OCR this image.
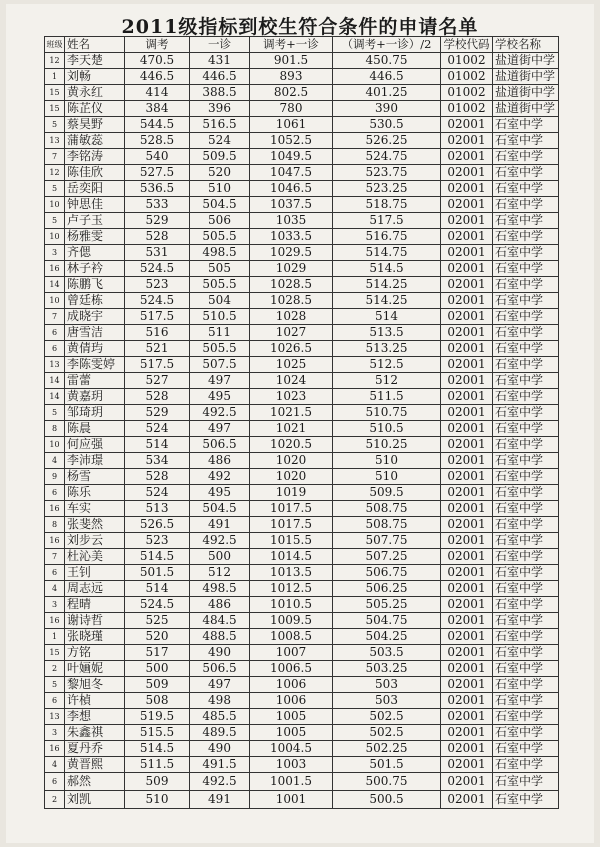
2011级指标到校生符合条件的申请名单
班级	姓名	调考	一诊	调考+一诊	（调考+一诊）/2	学校代码	学校名称
12	李天楚	470.5	431	901.5	450.75	01002	盐道街中学
1	刘畅	446.5	446.5	893	446.5	01002	盐道街中学
15	黄永红	414	388.5	802.5	401.25	01002	盐道街中学
15	陈芷仪	384	396	780	390	01002	盐道街中学
5	蔡昊野	544.5	516.5	1061	530.5	02001	石室中学
13	蒲敏蕊	528.5	524	1052.5	526.25	02001	石室中学
7	李铭涛	540	509.5	1049.5	524.75	02001	石室中学
12	陈佳欣	527.5	520	1047.5	523.75	02001	石室中学
5	岳奕阳	536.5	510	1046.5	523.25	02001	石室中学
10	钟思佳	533	504.5	1037.5	518.75	02001	石室中学
5	卢子玉	529	506	1035	517.5	02001	石室中学
10	杨雅雯	528	505.5	1033.5	516.75	02001	石室中学
3	齐偲	531	498.5	1029.5	514.75	02001	石室中学
16	林子衿	524.5	505	1029	514.5	02001	石室中学
14	陈鹏飞	523	505.5	1028.5	514.25	02001	石室中学
10	曾廷栋	524.5	504	1028.5	514.25	02001	石室中学
7	成晓宇	517.5	510.5	1028	514	02001	石室中学
6	唐雪洁	516	511	1027	513.5	02001	石室中学
6	黄倩玙	521	505.5	1026.5	513.25	02001	石室中学
13	李陈雯婷	517.5	507.5	1025	512.5	02001	石室中学
14	雷蕾	527	497	1024	512	02001	石室中学
14	黄嘉玥	528	495	1023	511.5	02001	石室中学
5	邹琦玥	529	492.5	1021.5	510.75	02001	石室中学
8	陈晨	524	497	1021	510.5	02001	石室中学
10	何应强	514	506.5	1020.5	510.25	02001	石室中学
4	李沛璟	534	486	1020	510	02001	石室中学
9	杨雪	528	492	1020	510	02001	石室中学
6	陈乐	524	495	1019	509.5	02001	石室中学
16	车实	513	504.5	1017.5	508.75	02001	石室中学
8	张斐然	526.5	491	1017.5	508.75	02001	石室中学
16	刘步云	523	492.5	1015.5	507.75	02001	石室中学
7	杜沁美	514.5	500	1014.5	507.25	02001	石室中学
6	王钊	501.5	512	1013.5	506.75	02001	石室中学
4	周志远	514	498.5	1012.5	506.25	02001	石室中学
3	程晴	524.5	486	1010.5	505.25	02001	石室中学
16	谢诗哲	525	484.5	1009.5	504.75	02001	石室中学
1	张晓瑾	520	488.5	1008.5	504.25	02001	石室中学
15	方铭	517	490	1007	503.5	02001	石室中学
2	叶婳妮	500	506.5	1006.5	503.25	02001	石室中学
5	黎旭冬	509	497	1006	503	02001	石室中学
6	许楨	508	498	1006	503	02001	石室中学
13	李想	519.5	485.5	1005	502.5	02001	石室中学
3	朱鑫祺	515.5	489.5	1005	502.5	02001	石室中学
16	夏丹乔	514.5	490	1004.5	502.25	02001	石室中学
4	黄晋熙	511.5	491.5	1003	501.5	02001	石室中学
6	郝然	509	492.5	1001.5	500.75	02001	石室中学
2	刘凯	510	491	1001	500.5	02001	石室中学
